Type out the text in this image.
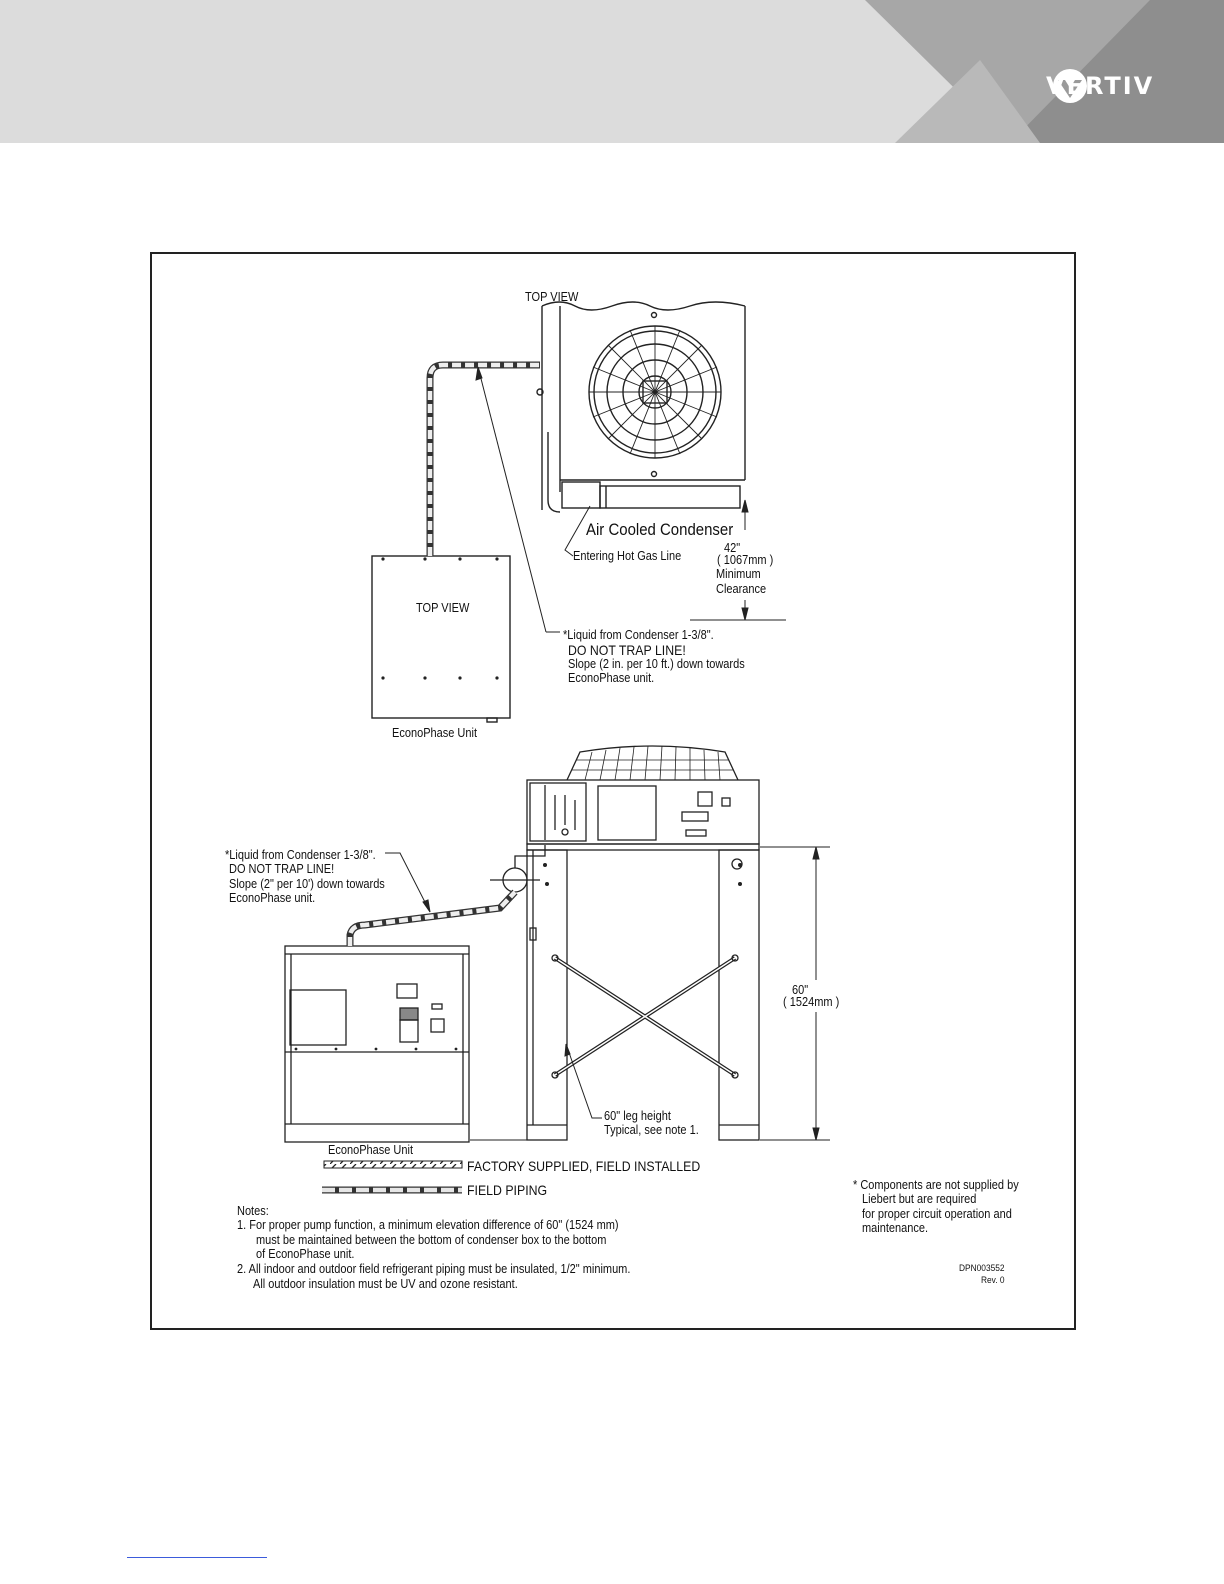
VERTIV
TOP VIEW
Air Cooled Condenser
Entering Hot Gas Line
42"
( 1067mm )
Minimum
Clearance
TOP VIEW
EconoPhase Unit
*Liquid from Condenser 1-3/8".
DO NOT TRAP LINE!
Slope (2 in. per 10 ft.) down towards
EconoPhase unit.
*Liquid from Condenser 1-3/8".
DO NOT TRAP LINE!
Slope (2" per 10') down towards
EconoPhase unit.
60"
( 1524mm )
60" leg height
Typical, see note 1.
EconoPhase Unit
FACTORY SUPPLIED, FIELD INSTALLED
FIELD PIPING
Notes:
1. For proper pump function, a minimum elevation difference of 60" (1524 mm)
must be maintained between the bottom of condenser box to the bottom
of EconoPhase unit.
2. All indoor and outdoor field refrigerant piping must be insulated, 1/2" minimum.
All outdoor insulation must be UV and ozone resistant.
* Components are not supplied by
Liebert but are required
for proper circuit operation and
maintenance.
DPN003552
Rev. 0
